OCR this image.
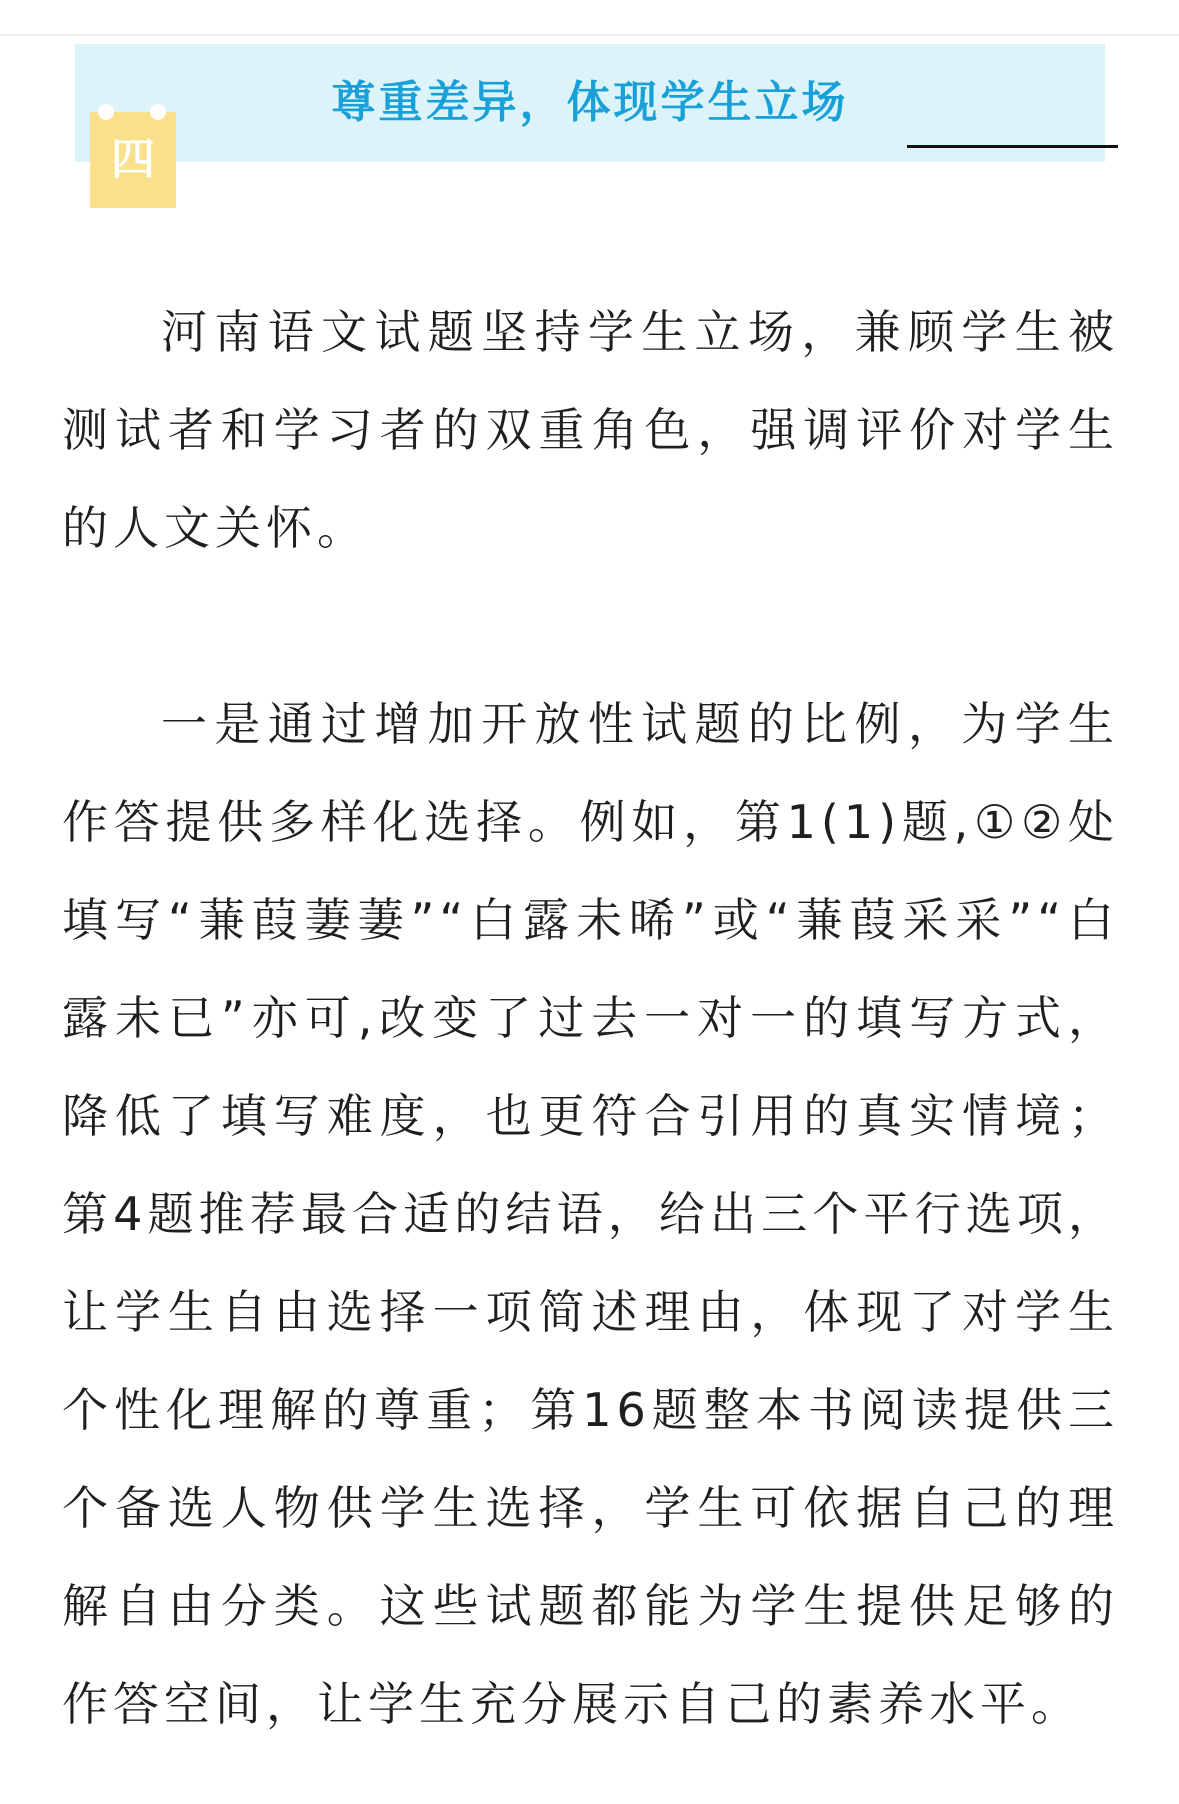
尊重差异，体现学生立场
四

河南语文试题坚持学生立场，兼顾学生被测试者和学习者的双重角色，强调评价对学生的人文关怀。

一是通过增加开放性试题的比例，为学生作答提供多样化选择。例如，第1(1)题,①②处填写“蒹葭萋萋”“白露未晞”或“蒹葭采采”“白露未已”亦可,改变了过去一对一的填写方式，降低了填写难度，也更符合引用的真实情境；第4题推荐最合适的结语，给出三个平行选项，让学生自由选择一项简述理由，体现了对学生个性化理解的尊重；第16题整本书阅读提供三个备选人物供学生选择，学生可依据自己的理解自由分类。这些试题都能为学生提供足够的作答空间，让学生充分展示自己的素养水平。
